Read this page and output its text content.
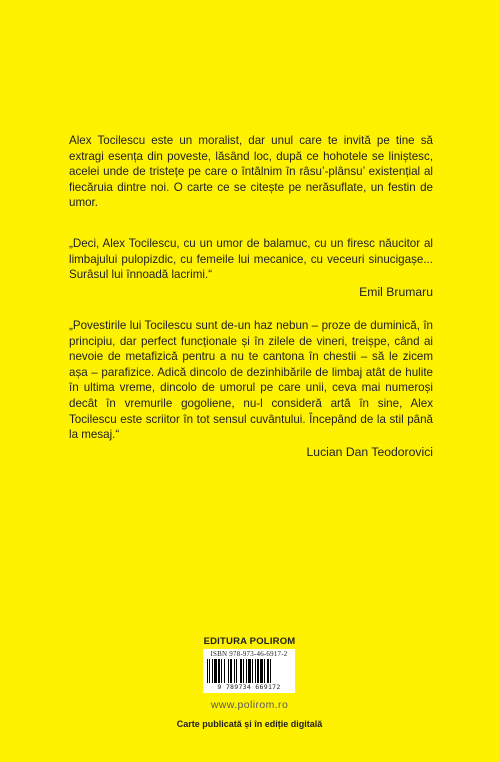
Alex Tocilescu este un moralist, dar unul care te invită pe tine să extragi esența din poveste, lăsând loc, după ce hohotele se liniștesc, acelei unde de tristețe pe care o întâlnim în râsu’-plânsu’ existențial al fiecăruia dintre noi. O carte ce se citește pe nerăsuflate, un festin de umor.
„Deci, Alex Tocilescu, cu un umor de balamuc, cu un firesc năucitor al limbajului pulopizdic, cu femeile lui mecanice, cu veceuri sinucigașe... Surâsul lui înnoadă lacrimi.“
Emil Brumaru
„Povestirile lui Tocilescu sunt de-un haz nebun – proze de duminică, în principiu, dar perfect funcționale și în zilele de vineri, treișpe, când ai nevoie de metafizică pentru a nu te cantona în chestii – să le zicem așa – parafizice. Adică dincolo de dezinhibările de limbaj atât de hulite în ultima vreme, dincolo de umorul pe care unii, ceva mai numeroși decât în vremurile gogoliene, nu-l consideră artă în sine, Alex Tocilescu este scriitor în tot sensul cuvântului. Începând de la stil până la mesaj.“
Lucian Dan Teodorovici
EDITURA POLIROM
ISBN 978-973-46-6917-2
9 789734 669172
www.polirom.ro
Carte publicată și în ediție digitală
